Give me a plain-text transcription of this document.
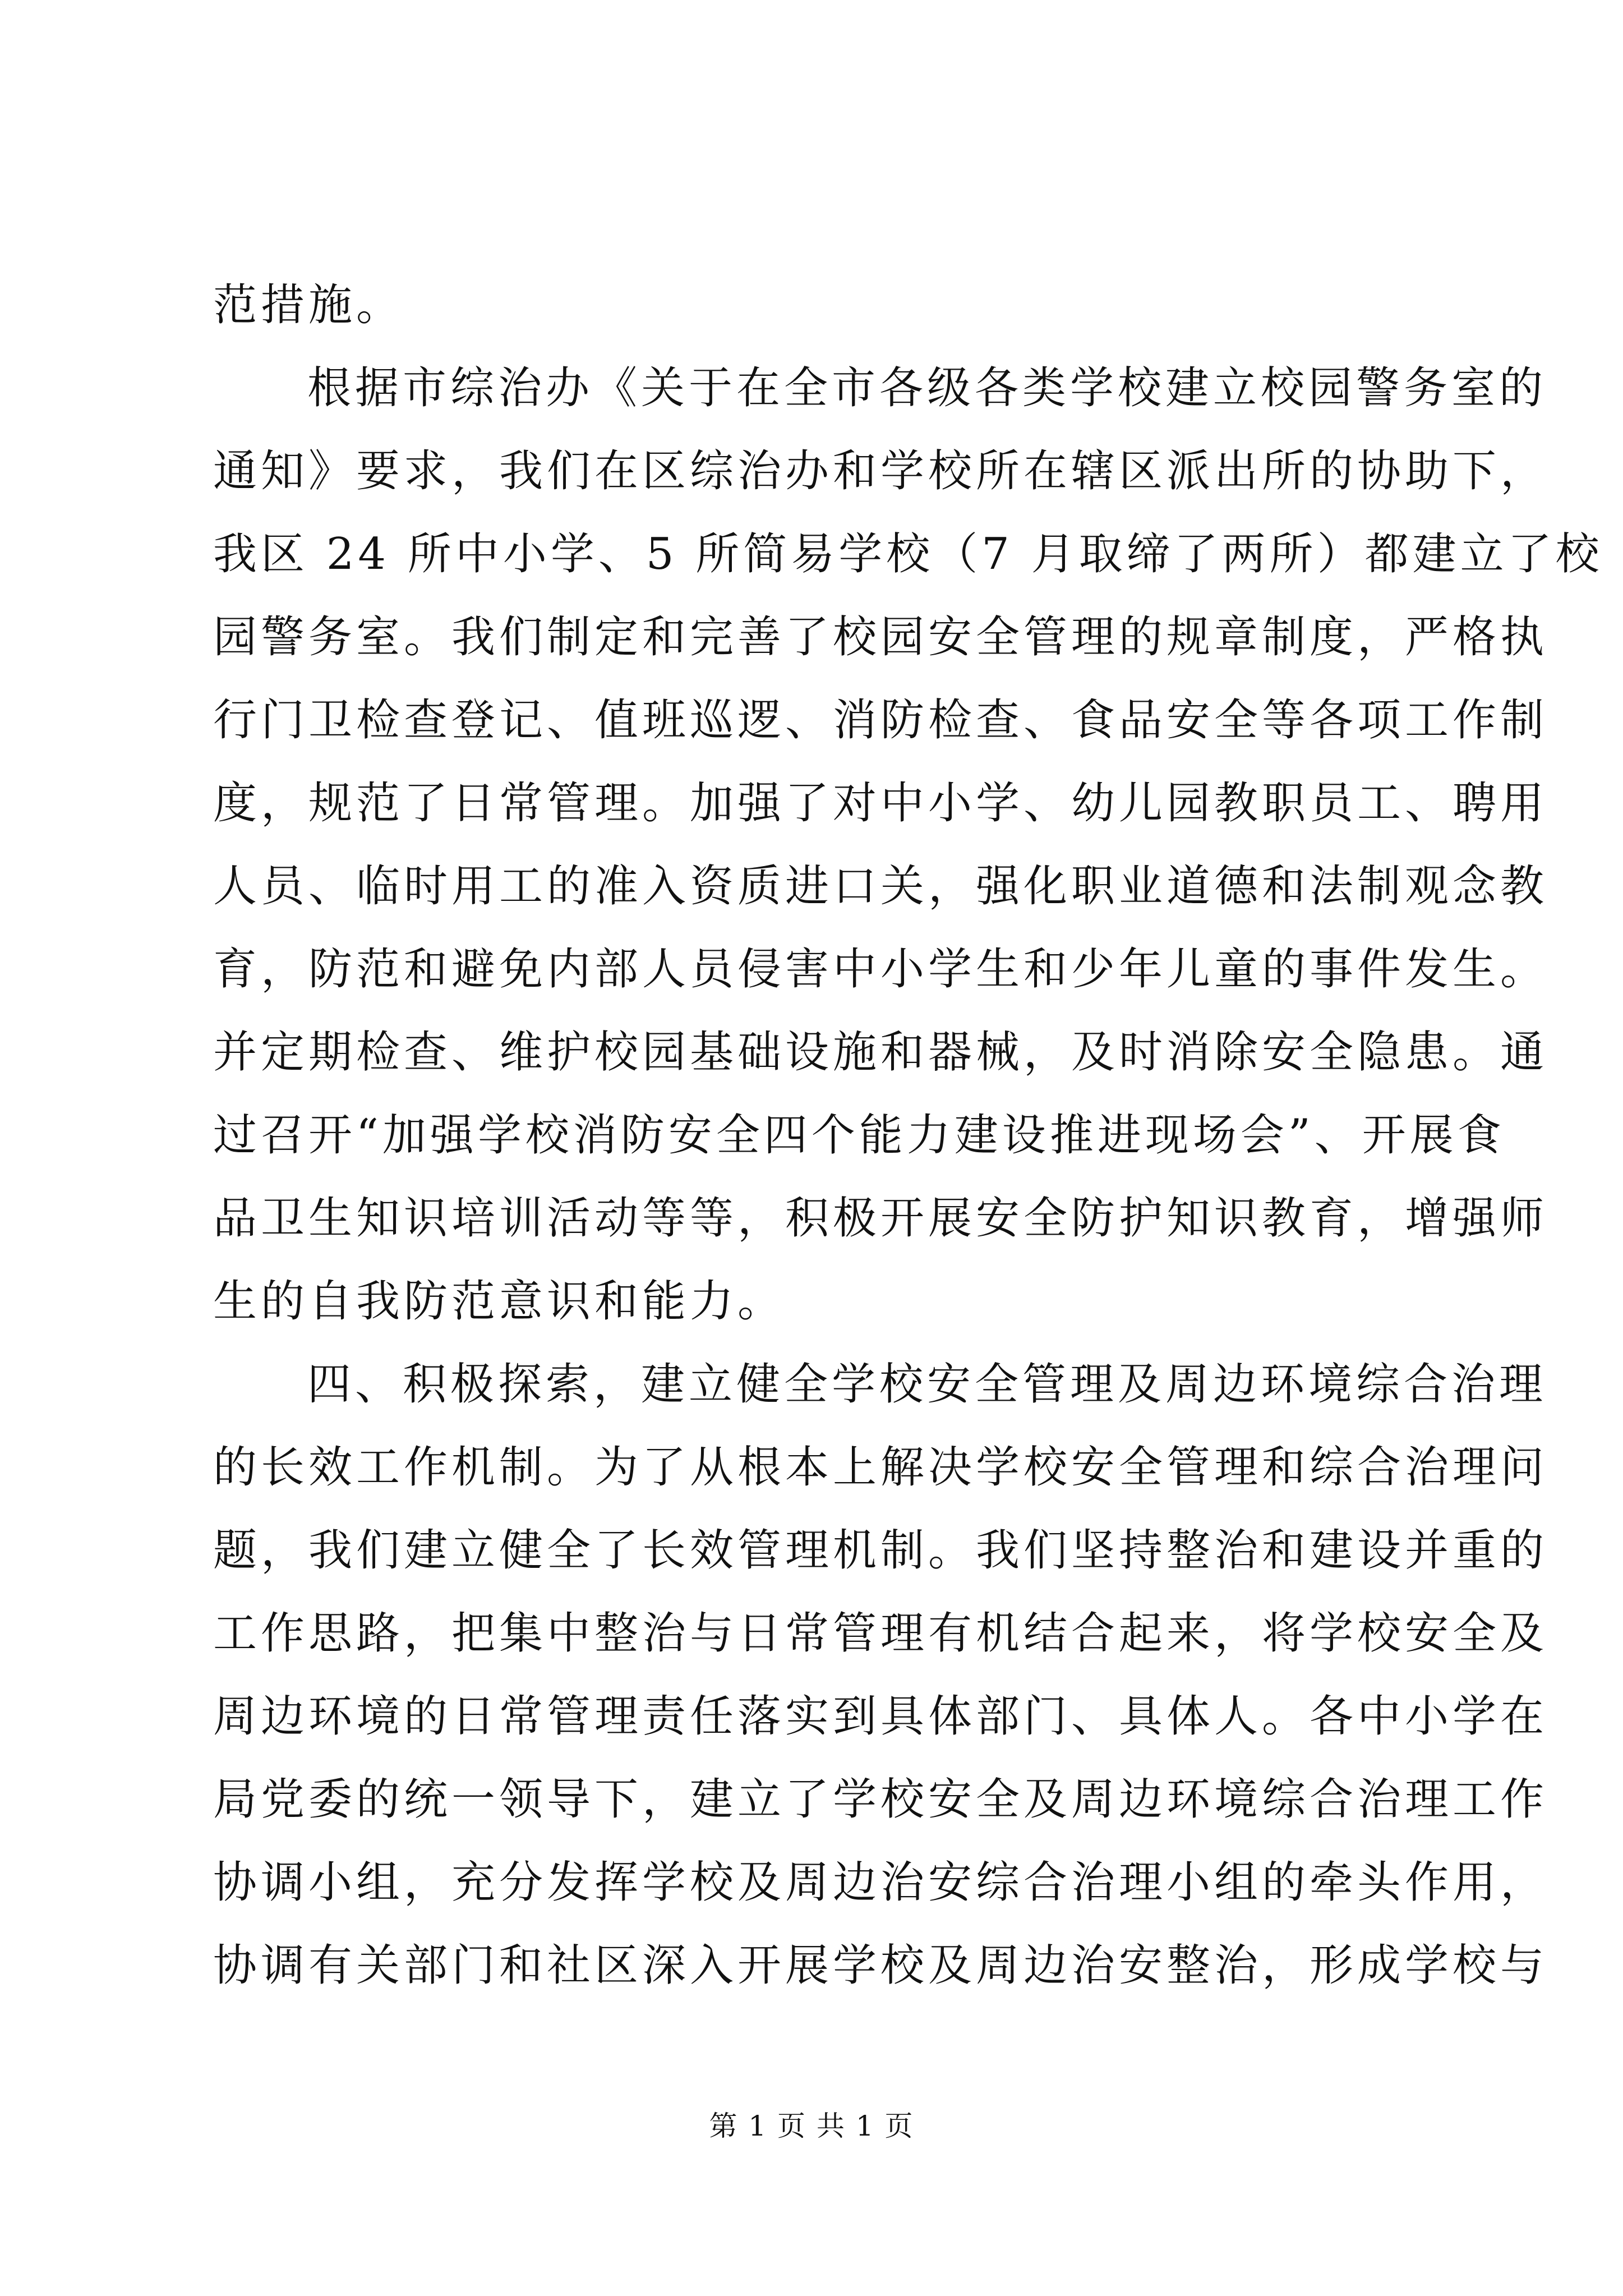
范措施。
根据市综治办《关于在全市各级各类学校建立校园警务室的
通知》要求，我们在区综治办和学校所在辖区派出所的协助下，
我区 24 所中小学、5 所简易学校（7 月取缔了两所）都建立了校
园警务室。我们制定和完善了校园安全管理的规章制度，严格执
行门卫检查登记、值班巡逻、消防检查、食品安全等各项工作制
度，规范了日常管理。加强了对中小学、幼儿园教职员工、聘用
人员、临时用工的准入资质进口关，强化职业道德和法制观念教
育，防范和避免内部人员侵害中小学生和少年儿童的事件发生。
并定期检查、维护校园基础设施和器械，及时消除安全隐患。通
过召开“加强学校消防安全四个能力建设推进现场会”、开展食
品卫生知识培训活动等等，积极开展安全防护知识教育，增强师
生的自我防范意识和能力。
四、积极探索，建立健全学校安全管理及周边环境综合治理
的长效工作机制。为了从根本上解决学校安全管理和综合治理问
题，我们建立健全了长效管理机制。我们坚持整治和建设并重的
工作思路，把集中整治与日常管理有机结合起来，将学校安全及
周边环境的日常管理责任落实到具体部门、具体人。各中小学在
局党委的统一领导下，建立了学校安全及周边环境综合治理工作
协调小组，充分发挥学校及周边治安综合治理小组的牵头作用，
协调有关部门和社区深入开展学校及周边治安整治，形成学校与
第 1 页 共 1 页
